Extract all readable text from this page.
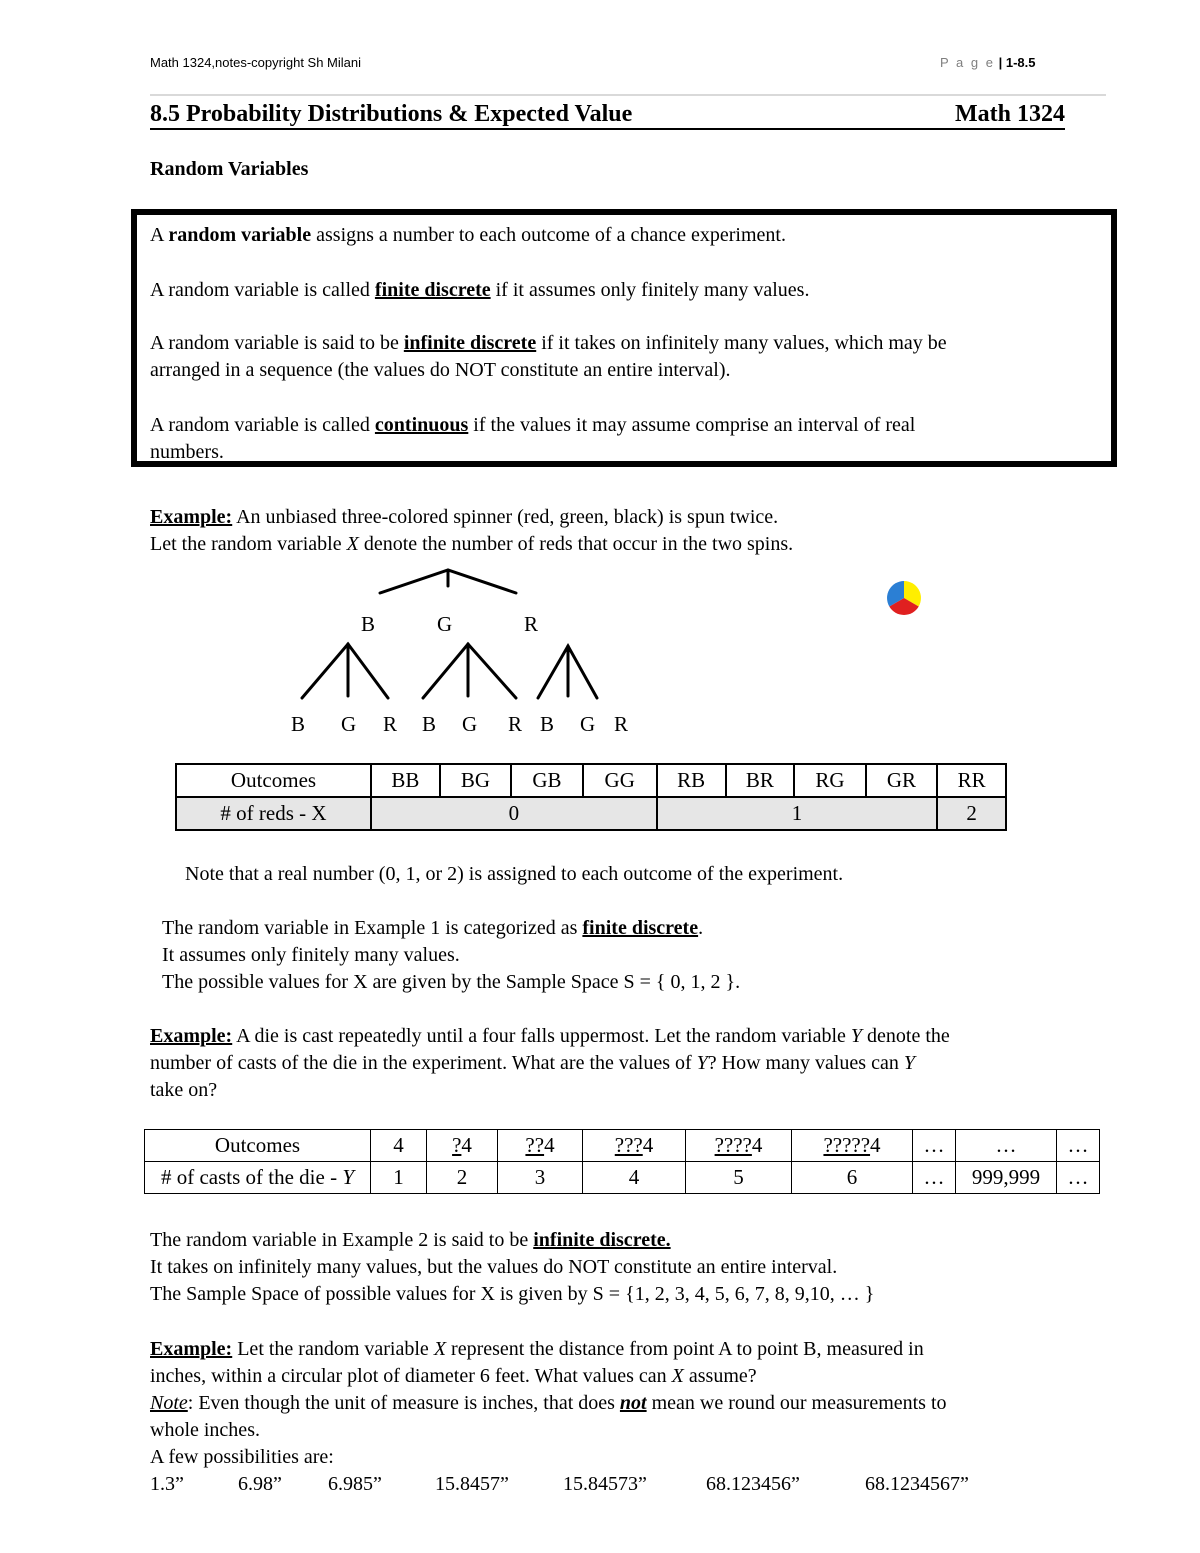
Math 1324,notes-copyright Sh Milani	P a g e | 1-8.5
8.5 Probability Distributions & Expected Value	Math 1324
Random Variables
A random variable assigns a number to each outcome of a chance experiment.
A random variable is called finite discrete if it assumes only finitely many values.
A random variable is said to be infinite discrete if it takes on infinitely many values, which may be
arranged in a sequence (the values do NOT constitute an entire interval).
A random variable is called continuous if the values it may assume comprise an interval of real
numbers.
Example: An unbiased three-colored spinner (red, green, black) is spun twice.
Let the random variable X denote the number of reds that occur in the two spins.
B	G	R
B G R B G R B G R
Outcomes	BB	BG	GB	GG	RB	BR	RG	GR	RR
# of reds - X	0				1				2
Note that a real number (0, 1, or 2) is assigned to each outcome of the experiment.
The random variable in Example 1 is categorized as finite discrete.
It assumes only finitely many values.
The possible values for X are given by the Sample Space S = { 0, 1, 2 }.
Example: A die is cast repeatedly until a four falls uppermost. Let the random variable Y denote the
number of casts of the die in the experiment. What are the values of Y? How many values can Y
take on?
Outcomes	4	?4	??4	???4	????4	?????4	…	…	…
# of casts of the die - Y	1	2	3	4	5	6	…	999,999	…
The random variable in Example 2 is said to be infinite discrete.
It takes on infinitely many values, but the values do NOT constitute an entire interval.
The Sample Space of possible values for X is given by S = {1, 2, 3, 4, 5, 6, 7, 8, 9,10, … }
Example: Let the random variable X represent the distance from point A to point B, measured in
inches, within a circular plot of diameter 6 feet. What values can X assume?
Note: Even though the unit of measure is inches, that does not mean we round our measurements to
whole inches.
A few possibilities are:
1.3”	6.98” 6.985”	15.8457”	15.84573”	68.123456”	68.1234567”
